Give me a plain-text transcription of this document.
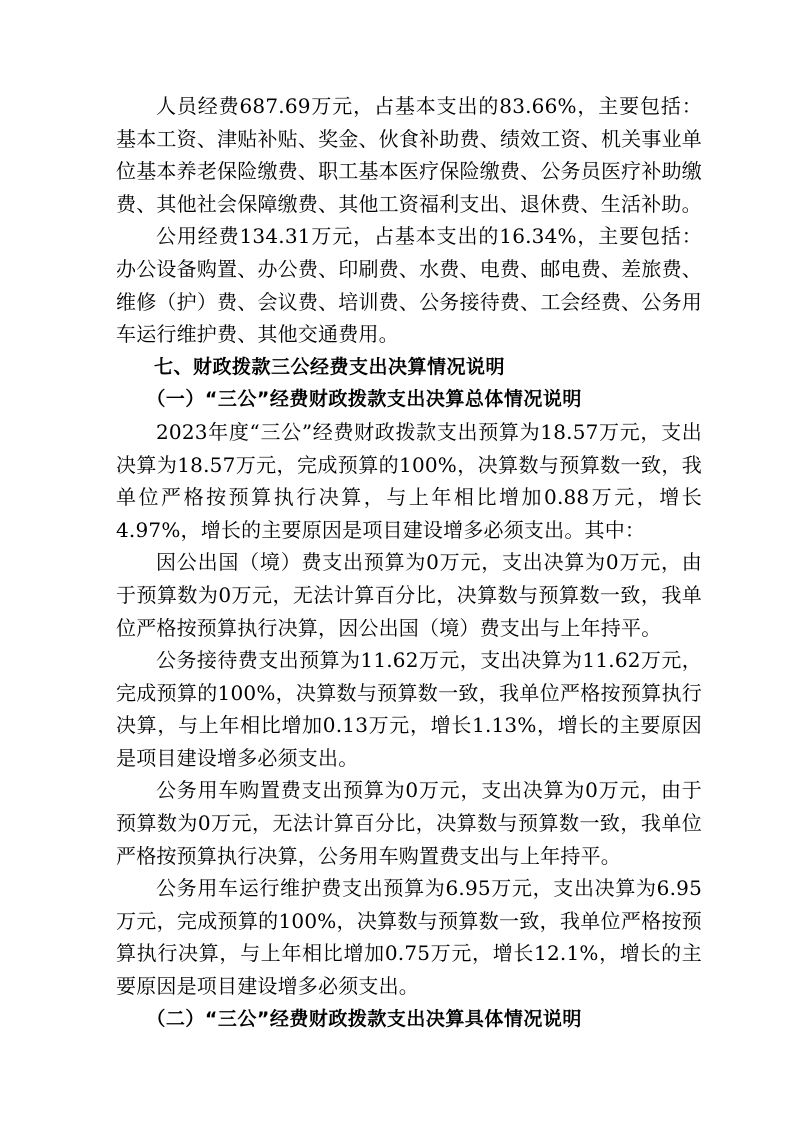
人员经费687.69万元，占基本支出的83.66%，主要包括：基本工资、津贴补贴、奖金、伙食补助费、绩效工资、机关事业单位基本养老保险缴费、职工基本医疗保险缴费、公务员医疗补助缴费、其他社会保障缴费、其他工资福利支出、退休费、生活补助。

公用经费134.31万元，占基本支出的16.34%，主要包括：办公设备购置、办公费、印刷费、水费、电费、邮电费、差旅费、维修（护）费、会议费、培训费、公务接待费、工会经费、公务用车运行维护费、其他交通费用。

七、财政拨款三公经费支出决算情况说明

（一）“三公”经费财政拨款支出决算总体情况说明

2023年度“三公”经费财政拨款支出预算为18.57万元，支出决算为18.57万元，完成预算的100%，决算数与预算数一致，我单位严格按预算执行决算，与上年相比增加0.88万元，增长4.97%，增长的主要原因是项目建设增多必须支出。其中：

因公出国（境）费支出预算为0万元，支出决算为0万元，由于预算数为0万元，无法计算百分比，决算数与预算数一致，我单位严格按预算执行决算，因公出国（境）费支出与上年持平。

公务接待费支出预算为11.62万元，支出决算为11.62万元，完成预算的100%，决算数与预算数一致，我单位严格按预算执行决算，与上年相比增加0.13万元，增长1.13%，增长的主要原因是项目建设增多必须支出。

公务用车购置费支出预算为0万元，支出决算为0万元，由于预算数为0万元，无法计算百分比，决算数与预算数一致，我单位严格按预算执行决算，公务用车购置费支出与上年持平。

公务用车运行维护费支出预算为6.95万元，支出决算为6.95万元，完成预算的100%，决算数与预算数一致，我单位严格按预算执行决算，与上年相比增加0.75万元，增长12.1%，增长的主要原因是项目建设增多必须支出。

（二）“三公”经费财政拨款支出决算具体情况说明
